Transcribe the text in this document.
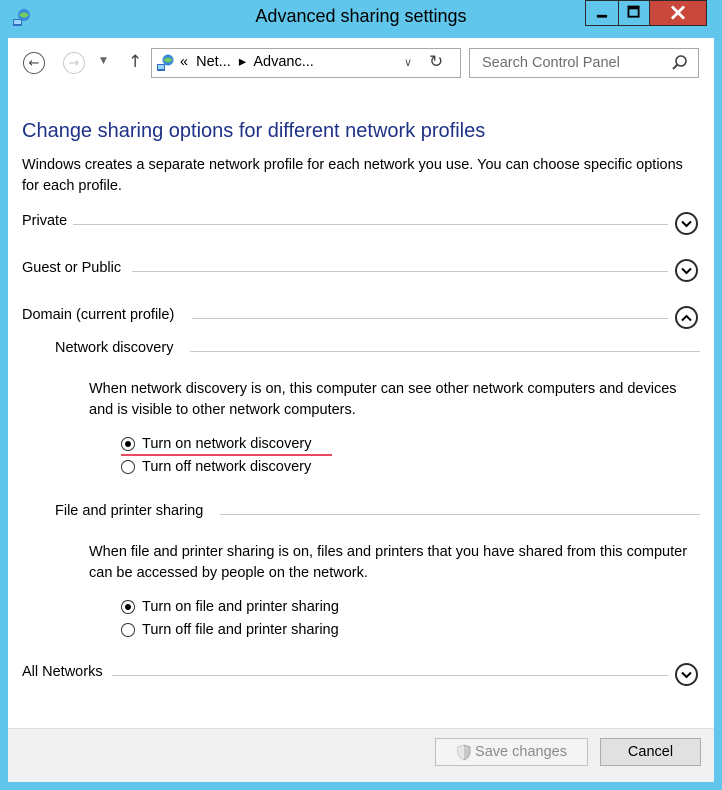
Advanced sharing settings
← → ▼ ↑	«  Net...  ▸  Advanc...	∨ ↻	Search Control Panel
Change sharing options for different network profiles
Windows creates a separate network profile for each network you use. You can choose specific options for each profile.
Private
Guest or Public
Domain (current profile)
Network discovery
When network discovery is on, this computer can see other network computers and devices and is visible to other network computers.
Turn on network discovery
Turn off network discovery
File and printer sharing
When file and printer sharing is on, files and printers that you have shared from this computer can be accessed by people on the network.
Turn on file and printer sharing
Turn off file and printer sharing
All Networks
Save changes	Cancel
